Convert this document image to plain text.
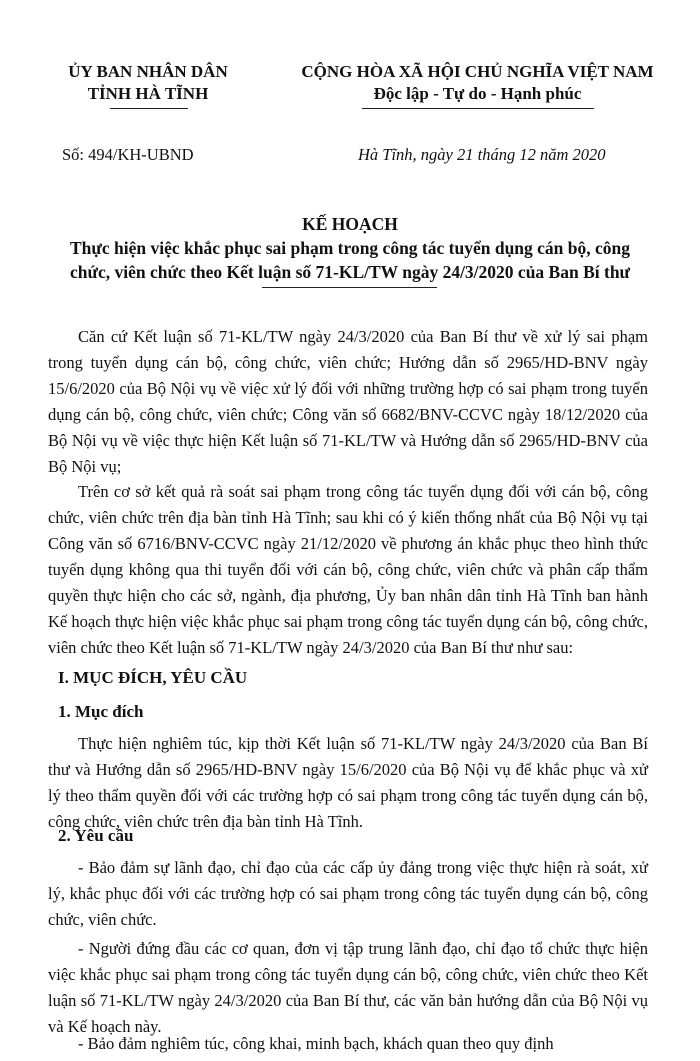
ỦY BAN NHÂN DÂN
TỈNH HÀ TĨNH
CỘNG HÒA XÃ HỘI CHỦ NGHĨA VIỆT NAM
Độc lập - Tự do - Hạnh phúc
Số: 494/KH-UBND	Hà Tĩnh, ngày 21 tháng 12 năm 2020
KẾ HOẠCH
Thực hiện việc khắc phục sai phạm trong công tác tuyển dụng cán bộ, công
chức, viên chức theo Kết luận số 71-KL/TW ngày 24/3/2020 của Ban Bí thư
Căn cứ Kết luận số 71-KL/TW ngày 24/3/2020 của Ban Bí thư về xử lý sai phạm trong tuyển dụng cán bộ, công chức, viên chức; Hướng dẫn số 2965/HD-BNV ngày 15/6/2020 của Bộ Nội vụ về việc xử lý đối với những trường hợp có sai phạm trong tuyển dụng cán bộ, công chức, viên chức; Công văn số 6682/BNV-CCVC ngày 18/12/2020 của Bộ Nội vụ về việc thực hiện Kết luận số 71-KL/TW và Hướng dẫn số 2965/HD-BNV của Bộ Nội vụ;
Trên cơ sở kết quả rà soát sai phạm trong công tác tuyển dụng đối với cán bộ, công chức, viên chức trên địa bàn tỉnh Hà Tĩnh; sau khi có ý kiến thống nhất của Bộ Nội vụ tại Công văn số 6716/BNV-CCVC ngày 21/12/2020 về phương án khắc phục theo hình thức tuyển dụng không qua thi tuyển đối với cán bộ, công chức, viên chức và phân cấp thẩm quyền thực hiện cho các sở, ngành, địa phương, Ủy ban nhân dân tỉnh Hà Tĩnh ban hành Kế hoạch thực hiện việc khắc phục sai phạm trong công tác tuyển dụng cán bộ, công chức, viên chức theo Kết luận số 71-KL/TW ngày 24/3/2020 của Ban Bí thư như sau:
I. MỤC ĐÍCH, YÊU CẦU
1. Mục đích
Thực hiện nghiêm túc, kịp thời Kết luận số 71-KL/TW ngày 24/3/2020 của Ban Bí thư và Hướng dẫn số 2965/HD-BNV ngày 15/6/2020 của Bộ Nội vụ để khắc phục và xử lý theo thẩm quyền đối với các trường hợp có sai phạm trong công tác tuyển dụng cán bộ, công chức, viên chức trên địa bàn tỉnh Hà Tĩnh.
2. Yêu cầu
- Bảo đảm sự lãnh đạo, chỉ đạo của các cấp ủy đảng trong việc thực hiện rà soát, xử lý, khắc phục đối với các trường hợp có sai phạm trong công tác tuyển dụng cán bộ, công chức, viên chức.
- Người đứng đầu các cơ quan, đơn vị tập trung lãnh đạo, chỉ đạo tổ chức thực hiện việc khắc phục sai phạm trong công tác tuyển dụng cán bộ, công chức, viên chức theo Kết luận số 71-KL/TW ngày 24/3/2020 của Ban Bí thư, các văn bản hướng dẫn của Bộ Nội vụ và Kế hoạch này.
- Bảo đảm nghiêm túc, công khai, minh bạch, khách quan theo quy định
